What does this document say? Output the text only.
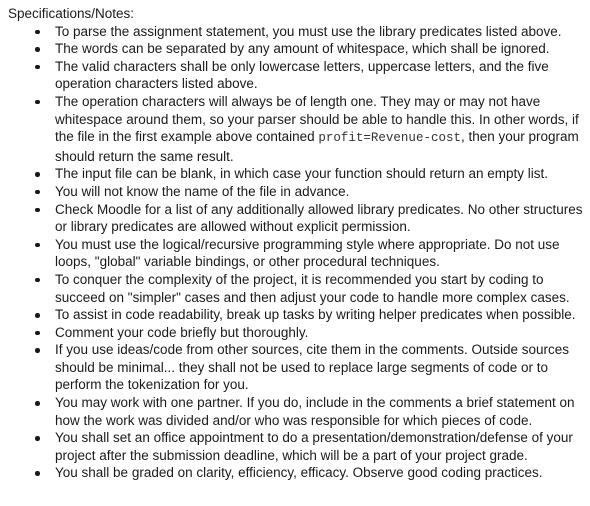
Specifications/Notes:

To parse the assignment statement, you must use the library predicates listed above.
The words can be separated by any amount of whitespace, which shall be ignored.
The valid characters shall be only lowercase letters, uppercase letters, and the five operation characters listed above.
The operation characters will always be of length one. They may or may not have whitespace around them, so your parser should be able to handle this. In other words, if the file in the first example above contained profit=Revenue-cost, then your program should return the same result.
The input file can be blank, in which case your function should return an empty list.
You will not know the name of the file in advance.
Check Moodle for a list of any additionally allowed library predicates. No other structures or library predicates are allowed without explicit permission.
You must use the logical/recursive programming style where appropriate. Do not use loops, "global" variable bindings, or other procedural techniques.
To conquer the complexity of the project, it is recommended you start by coding to succeed on "simpler" cases and then adjust your code to handle more complex cases.
To assist in code readability, break up tasks by writing helper predicates when possible.
Comment your code briefly but thoroughly.
If you use ideas/code from other sources, cite them in the comments. Outside sources should be minimal... they shall not be used to replace large segments of code or to perform the tokenization for you.
You may work with one partner. If you do, include in the comments a brief statement on how the work was divided and/or who was responsible for which pieces of code.
You shall set an office appointment to do a presentation/demonstration/defense of your project after the submission deadline, which will be a part of your project grade.
You shall be graded on clarity, efficiency, efficacy. Observe good coding practices.
